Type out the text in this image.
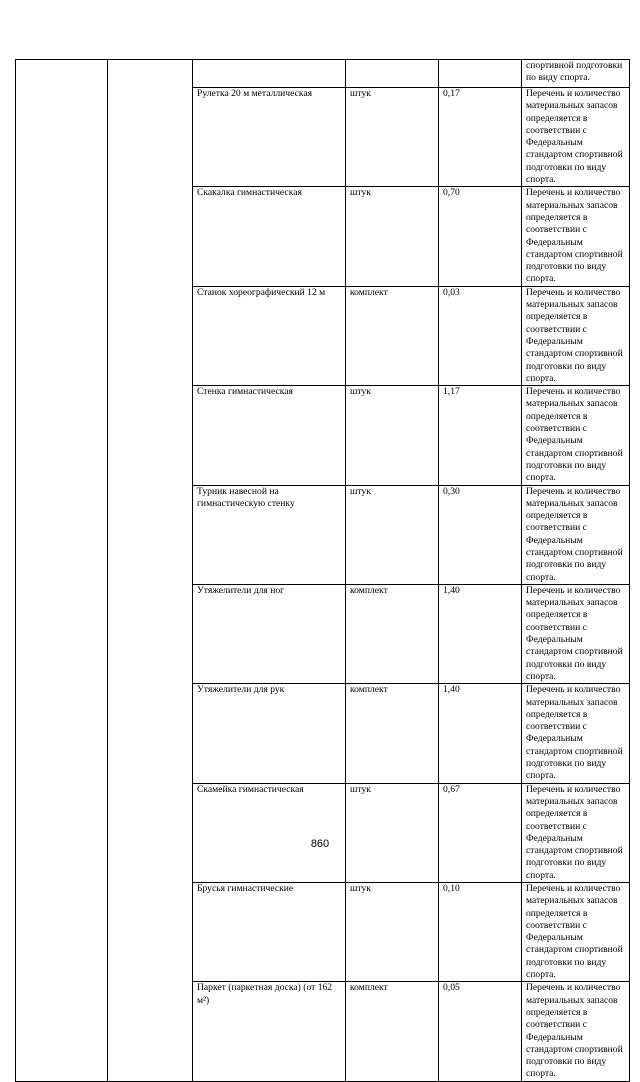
					спортивной подготовки по виду спорта.
		Рулетка 20 м металлическая	штук	0,17	Перечень и количество материальных запасов определяется в соответствии с Федеральным стандартом спортивной подготовки по виду спорта.
		Скакалка гимнастическая	штук	0,70	Перечень и количество материальных запасов определяется в соответствии с Федеральным стандартом спортивной подготовки по виду спорта.
		Станок хореографический 12 м	комплект	0,03	Перечень и количество материальных запасов определяется в соответствии с Федеральным стандартом спортивной подготовки по виду спорта.
		Стенка гимнастическая	штук	1,17	Перечень и количество материальных запасов определяется в соответствии с Федеральным стандартом спортивной подготовки по виду спорта.
		Турник навесной на гимнастическую стенку	штук	0,30	Перечень и количество материальных запасов определяется в соответствии с Федеральным стандартом спортивной подготовки по виду спорта.
		Утяжелители для ног	комплект	1,40	Перечень и количество материальных запасов определяется в соответствии с Федеральным стандартом спортивной подготовки по виду спорта.
		Утяжелители для рук	комплект	1,40	Перечень и количество материальных запасов определяется в соответствии с Федеральным стандартом спортивной подготовки по виду спорта.
		Скамейка гимнастическая	штук	0,67	Перечень и количество материальных запасов определяется в соответствии с Федеральным стандартом спортивной подготовки по виду спорта.
		Брусья гимнастические	штук	0,10	Перечень и количество материальных запасов определяется в соответствии с Федеральным стандартом спортивной подготовки по виду спорта.
		Паркет (паркетная доска) (от 162 м²)	комплект	0,05	Перечень и количество материальных запасов определяется в соответствии с Федеральным стандартом спортивной подготовки по виду спорта.
860
